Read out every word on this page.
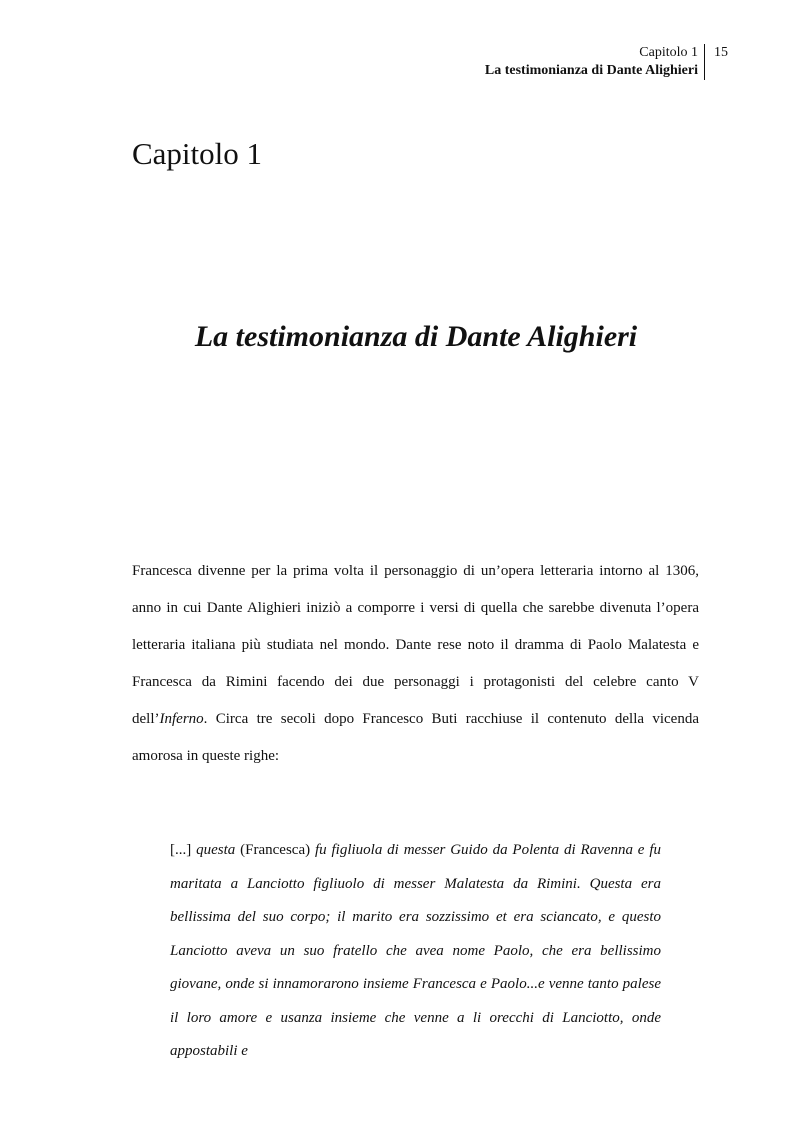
Capitolo 1
La testimonianza di Dante Alighieri
15
Capitolo 1
La testimonianza di Dante Alighieri

Francesca divenne per la prima volta il personaggio di un’opera letteraria intorno al 1306, anno in cui Dante Alighieri iniziò a comporre i versi di quella che sarebbe divenuta l’opera letteraria italiana più studiata nel mondo. Dante rese noto il dramma di Paolo Malatesta e Francesca da Rimini facendo dei due personaggi i protagonisti del celebre canto V dell’Inferno. Circa tre secoli dopo Francesco Buti racchiuse il contenuto della vicenda amorosa in queste righe:

[...] questa (Francesca) fu figliuola di messer Guido da Polenta di Ravenna e fu maritata a Lanciotto figliuolo di messer Malatesta da Rimini. Questa era bellissima del suo corpo; il marito era sozzissimo et era sciancato, e questo Lanciotto aveva un suo fratello che avea nome Paolo, che era bellissimo giovane, onde si innamorarono insieme Francesca e Paolo...e venne tanto palese il loro amore e usanza insieme che venne a li orecchi di Lanciotto, onde appostabili e
